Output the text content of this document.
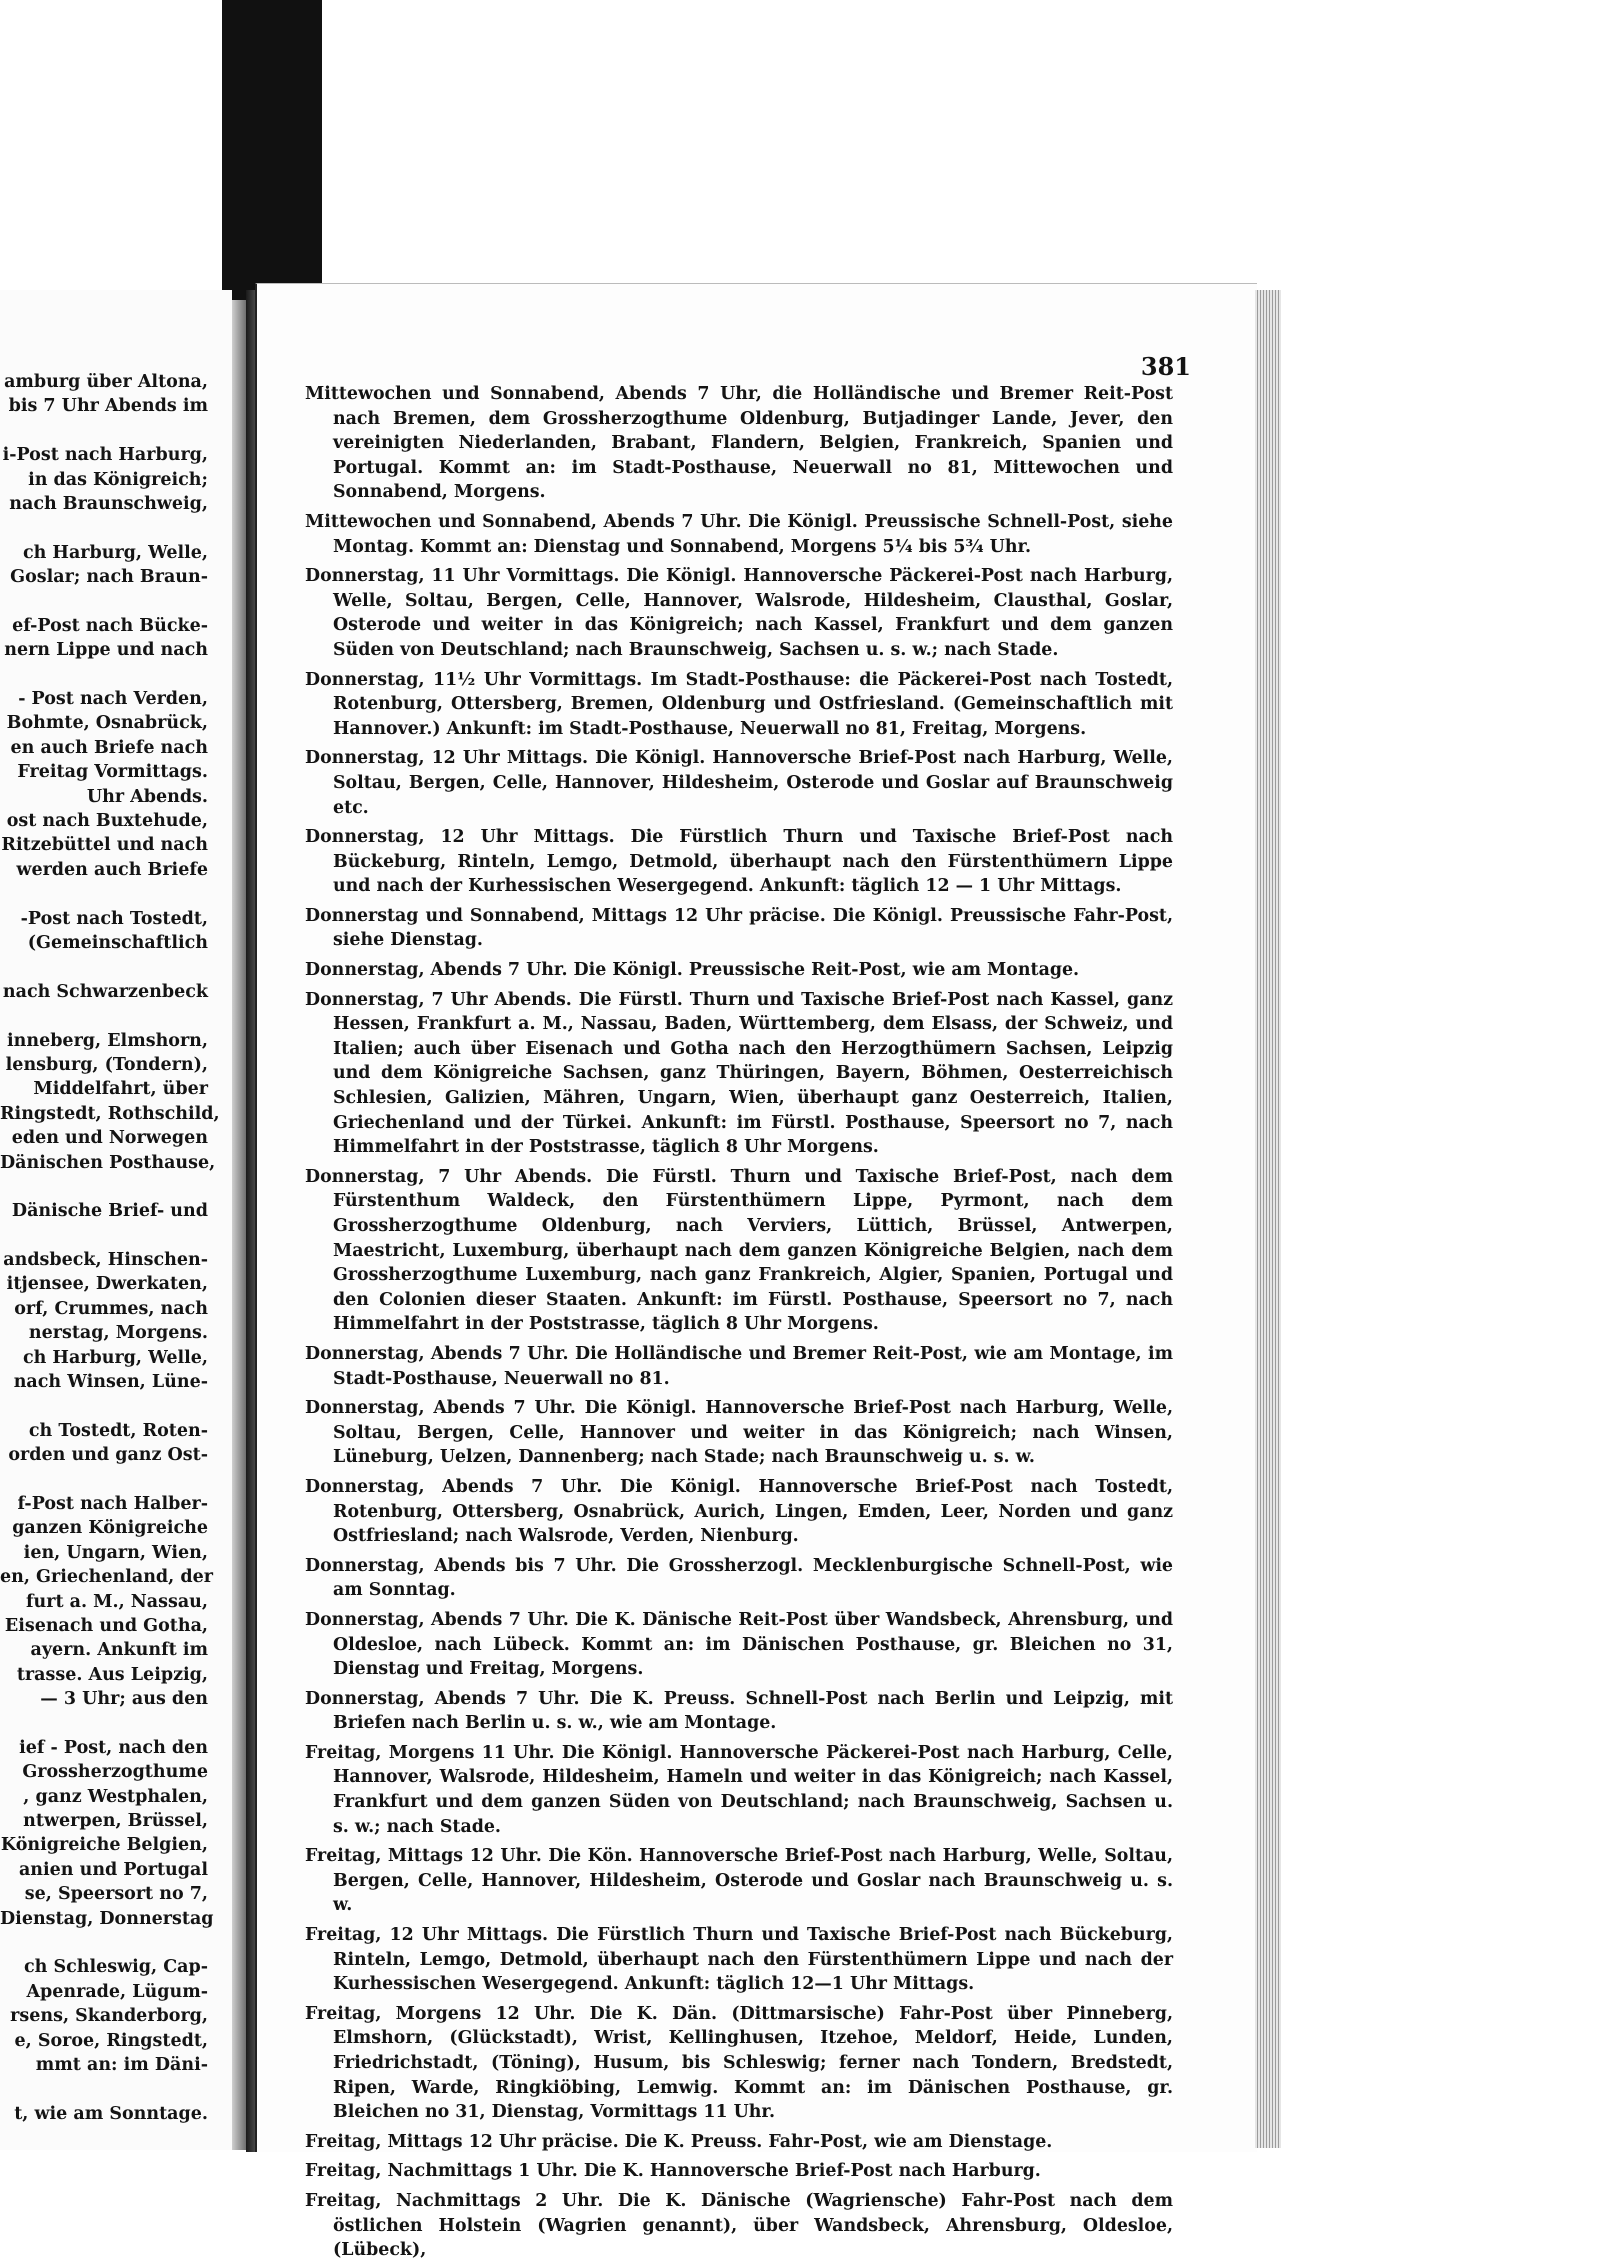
amburg über Altona,
bis 7 Uhr Abends im
i-Post nach Harburg,
in das Königreich;
nach Braunschweig,
ch Harburg, Welle,
Goslar; nach Braun-
ef-Post nach Bücke-
nern Lippe und nach
- Post nach Verden,
Bohmte, Osnabrück,
en auch Briefe nach
Freitag Vormittags.
Uhr Abends.
ost nach Buxtehude,
Ritzebüttel und nach
werden auch Briefe
-Post nach Tostedt,
(Gemeinschaftlich
nach Schwarzenbeck
inneberg, Elmshorn,
lensburg, (Tondern),
Middelfahrt, über
Ringstedt, Rothschild,
eden und Norwegen
Dänischen Posthause,
Dänische Brief- und
andsbeck, Hinschen-
itjensee, Dwerkaten,
orf, Crummes, nach
nerstag, Morgens.
ch Harburg, Welle,
nach Winsen, Lüne-
ch Tostedt, Roten-
orden und ganz Ost-
f-Post nach Halber-
ganzen Königreiche
ien, Ungarn, Wien,
en, Griechenland, der
furt a. M., Nassau,
Eisenach und Gotha,
ayern. Ankunft im
trasse. Aus Leipzig,
— 3 Uhr; aus den
ief - Post, nach den
Grossherzogthume
, ganz Westphalen,
ntwerpen, Brüssel,
Königreiche Belgien,
anien und Portugal
se, Speersort no 7,
Dienstag, Donnerstag
ch Schleswig, Cap-
Apenrade, Lügum-
rsens, Skanderborg,
e, Soroe, Ringstedt,
mmt an: im Däni-
t, wie am Sonntage.
381

Mittewochen und Sonnabend, Abends 7 Uhr, die Holländische und Bremer Reit-Post nach Bremen, dem Grossherzogthume Oldenburg, Butjadinger Lande, Jever, den vereinigten Niederlanden, Brabant, Flandern, Belgien, Frankreich, Spanien und Portugal. Kommt an: im Stadt-Posthause, Neuerwall no 81, Mittewochen und Sonnabend, Morgens.

Mittewochen und Sonnabend, Abends 7 Uhr. Die Königl. Preussische Schnell-Post, siehe Montag. Kommt an: Dienstag und Sonnabend, Morgens 5¼ bis 5¾ Uhr.

Donnerstag, 11 Uhr Vormittags. Die Königl. Hannoversche Päckerei-Post nach Harburg, Welle, Soltau, Bergen, Celle, Hannover, Walsrode, Hildesheim, Clausthal, Goslar, Osterode und weiter in das Königreich; nach Kassel, Frankfurt und dem ganzen Süden von Deutschland; nach Braunschweig, Sachsen u. s. w.; nach Stade.

Donnerstag, 11½ Uhr Vormittags. Im Stadt-Posthause: die Päckerei-Post nach Tostedt, Rotenburg, Ottersberg, Bremen, Oldenburg und Ostfriesland. (Gemeinschaftlich mit Hannover.) Ankunft: im Stadt-Posthause, Neuerwall no 81, Freitag, Morgens.

Donnerstag, 12 Uhr Mittags. Die Königl. Hannoversche Brief-Post nach Harburg, Welle, Soltau, Bergen, Celle, Hannover, Hildesheim, Osterode und Goslar auf Braunschweig etc.

Donnerstag, 12 Uhr Mittags. Die Fürstlich Thurn und Taxische Brief-Post nach Bückeburg, Rinteln, Lemgo, Detmold, überhaupt nach den Fürstenthümern Lippe und nach der Kurhessischen Wesergegend. Ankunft: täglich 12 — 1 Uhr Mittags.

Donnerstag und Sonnabend, Mittags 12 Uhr präcise. Die Königl. Preussische Fahr-Post, siehe Dienstag.

Donnerstag, Abends 7 Uhr. Die Königl. Preussische Reit-Post, wie am Montage.

Donnerstag, 7 Uhr Abends. Die Fürstl. Thurn und Taxische Brief-Post nach Kassel, ganz Hessen, Frankfurt a. M., Nassau, Baden, Württemberg, dem Elsass, der Schweiz, und Italien; auch über Eisenach und Gotha nach den Herzogthümern Sachsen, Leipzig und dem Königreiche Sachsen, ganz Thüringen, Bayern, Böhmen, Oesterreichisch Schlesien, Galizien, Mähren, Ungarn, Wien, überhaupt ganz Oesterreich, Italien, Griechenland und der Türkei. Ankunft: im Fürstl. Posthause, Speersort no 7, nach Himmelfahrt in der Poststrasse, täglich 8 Uhr Morgens.

Donnerstag, 7 Uhr Abends. Die Fürstl. Thurn und Taxische Brief-Post, nach dem Fürstenthum Waldeck, den Fürstenthümern Lippe, Pyrmont, nach dem Grossherzogthume Oldenburg, nach Verviers, Lüttich, Brüssel, Antwerpen, Maestricht, Luxemburg, überhaupt nach dem ganzen Königreiche Belgien, nach dem Grossherzogthume Luxemburg, nach ganz Frankreich, Algier, Spanien, Portugal und den Colonien dieser Staaten. Ankunft: im Fürstl. Posthause, Speersort no 7, nach Himmelfahrt in der Poststrasse, täglich 8 Uhr Morgens.

Donnerstag, Abends 7 Uhr. Die Holländische und Bremer Reit-Post, wie am Montage, im Stadt-Posthause, Neuerwall no 81.

Donnerstag, Abends 7 Uhr. Die Königl. Hannoversche Brief-Post nach Harburg, Welle, Soltau, Bergen, Celle, Hannover und weiter in das Königreich; nach Winsen, Lüneburg, Uelzen, Dannenberg; nach Stade; nach Braunschweig u. s. w.

Donnerstag, Abends 7 Uhr. Die Königl. Hannoversche Brief-Post nach Tostedt, Rotenburg, Ottersberg, Osnabrück, Aurich, Lingen, Emden, Leer, Norden und ganz Ostfriesland; nach Walsrode, Verden, Nienburg.

Donnerstag, Abends bis 7 Uhr. Die Grossherzogl. Mecklenburgische Schnell-Post, wie am Sonntag.

Donnerstag, Abends 7 Uhr. Die K. Dänische Reit-Post über Wandsbeck, Ahrensburg, und Oldesloe, nach Lübeck. Kommt an: im Dänischen Posthause, gr. Bleichen no 31, Dienstag und Freitag, Morgens.

Donnerstag, Abends 7 Uhr. Die K. Preuss. Schnell-Post nach Berlin und Leipzig, mit Briefen nach Berlin u. s. w., wie am Montage.

Freitag, Morgens 11 Uhr. Die Königl. Hannoversche Päckerei-Post nach Harburg, Celle, Hannover, Walsrode, Hildesheim, Hameln und weiter in das Königreich; nach Kassel, Frankfurt und dem ganzen Süden von Deutschland; nach Braunschweig, Sachsen u. s. w.; nach Stade.

Freitag, Mittags 12 Uhr. Die Kön. Hannoversche Brief-Post nach Harburg, Welle, Soltau, Bergen, Celle, Hannover, Hildesheim, Osterode und Goslar nach Braunschweig u. s. w.

Freitag, 12 Uhr Mittags. Die Fürstlich Thurn und Taxische Brief-Post nach Bückeburg, Rinteln, Lemgo, Detmold, überhaupt nach den Fürstenthümern Lippe und nach der Kurhessischen Wesergegend. Ankunft: täglich 12—1 Uhr Mittags.

Freitag, Morgens 12 Uhr. Die K. Dän. (Dittmarsische) Fahr-Post über Pinneberg, Elmshorn, (Glückstadt), Wrist, Kellinghusen, Itzehoe, Meldorf, Heide, Lunden, Friedrichstadt, (Töning), Husum, bis Schleswig; ferner nach Tondern, Bredstedt, Ripen, Warde, Ringkiöbing, Lemwig. Kommt an: im Dänischen Posthause, gr. Bleichen no 31, Dienstag, Vormittags 11 Uhr.

Freitag, Mittags 12 Uhr präcise. Die K. Preuss. Fahr-Post, wie am Dienstage.

Freitag, Nachmittags 1 Uhr. Die K. Hannoversche Brief-Post nach Harburg.

Freitag, Nachmittags 2 Uhr. Die K. Dänische (Wagriensche) Fahr-Post nach dem östlichen Holstein (Wagrien genannt), über Wandsbeck, Ahrensburg, Oldesloe, (Lübeck),
